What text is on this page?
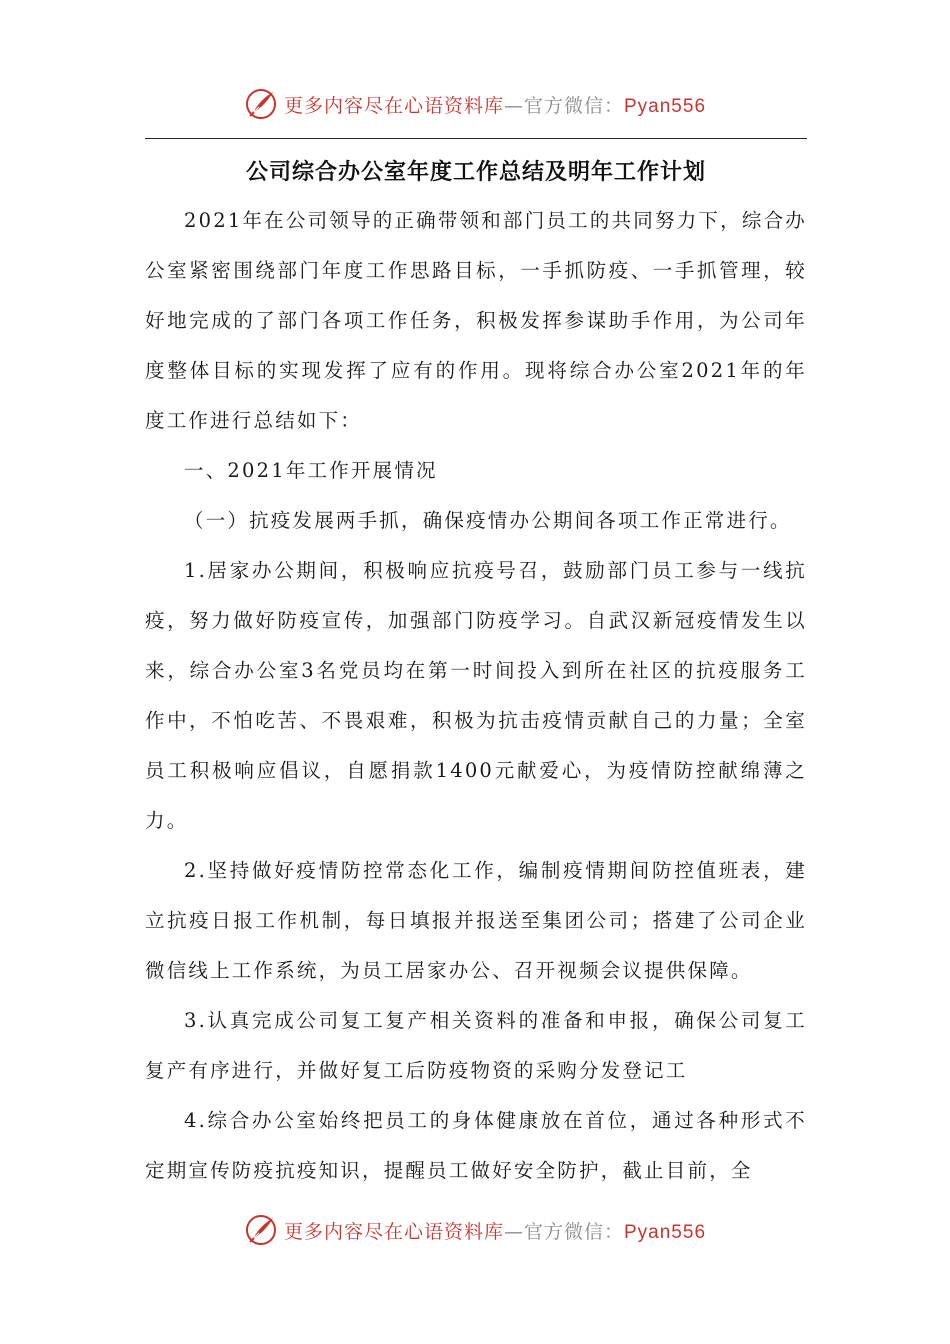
更多内容尽在心语资料库—官方微信：Pyan556
公司综合办公室年度工作总结及明年工作计划

2021年在公司领导的正确带领和部门员工的共同努力下，综合办公室紧密围绕部门年度工作思路目标，一手抓防疫、一手抓管理，较好地完成的了部门各项工作任务，积极发挥参谋助手作用，为公司年度整体目标的实现发挥了应有的作用。现将综合办公室2021年的年度工作进行总结如下：

一、2021年工作开展情况

（一）抗疫发展两手抓，确保疫情办公期间各项工作正常进行。

1.居家办公期间，积极响应抗疫号召，鼓励部门员工参与一线抗疫，努力做好防疫宣传，加强部门防疫学习。自武汉新冠疫情发生以来，综合办公室3名党员均在第一时间投入到所在社区的抗疫服务工作中，不怕吃苦、不畏艰难，积极为抗击疫情贡献自己的力量；全室员工积极响应倡议，自愿捐款1400元献爱心，为疫情防控献绵薄之力。

2.坚持做好疫情防控常态化工作，编制疫情期间防控值班表，建立抗疫日报工作机制，每日填报并报送至集团公司；搭建了公司企业微信线上工作系统，为员工居家办公、召开视频会议提供保障。

3.认真完成公司复工复产相关资料的准备和申报，确保公司复工复产有序进行，并做好复工后防疫物资的采购分发登记工

4.综合办公室始终把员工的身体健康放在首位，通过各种形式不定期宣传防疫抗疫知识，提醒员工做好安全防护，截止目前，全

更多内容尽在心语资料库—官方微信：Pyan556
